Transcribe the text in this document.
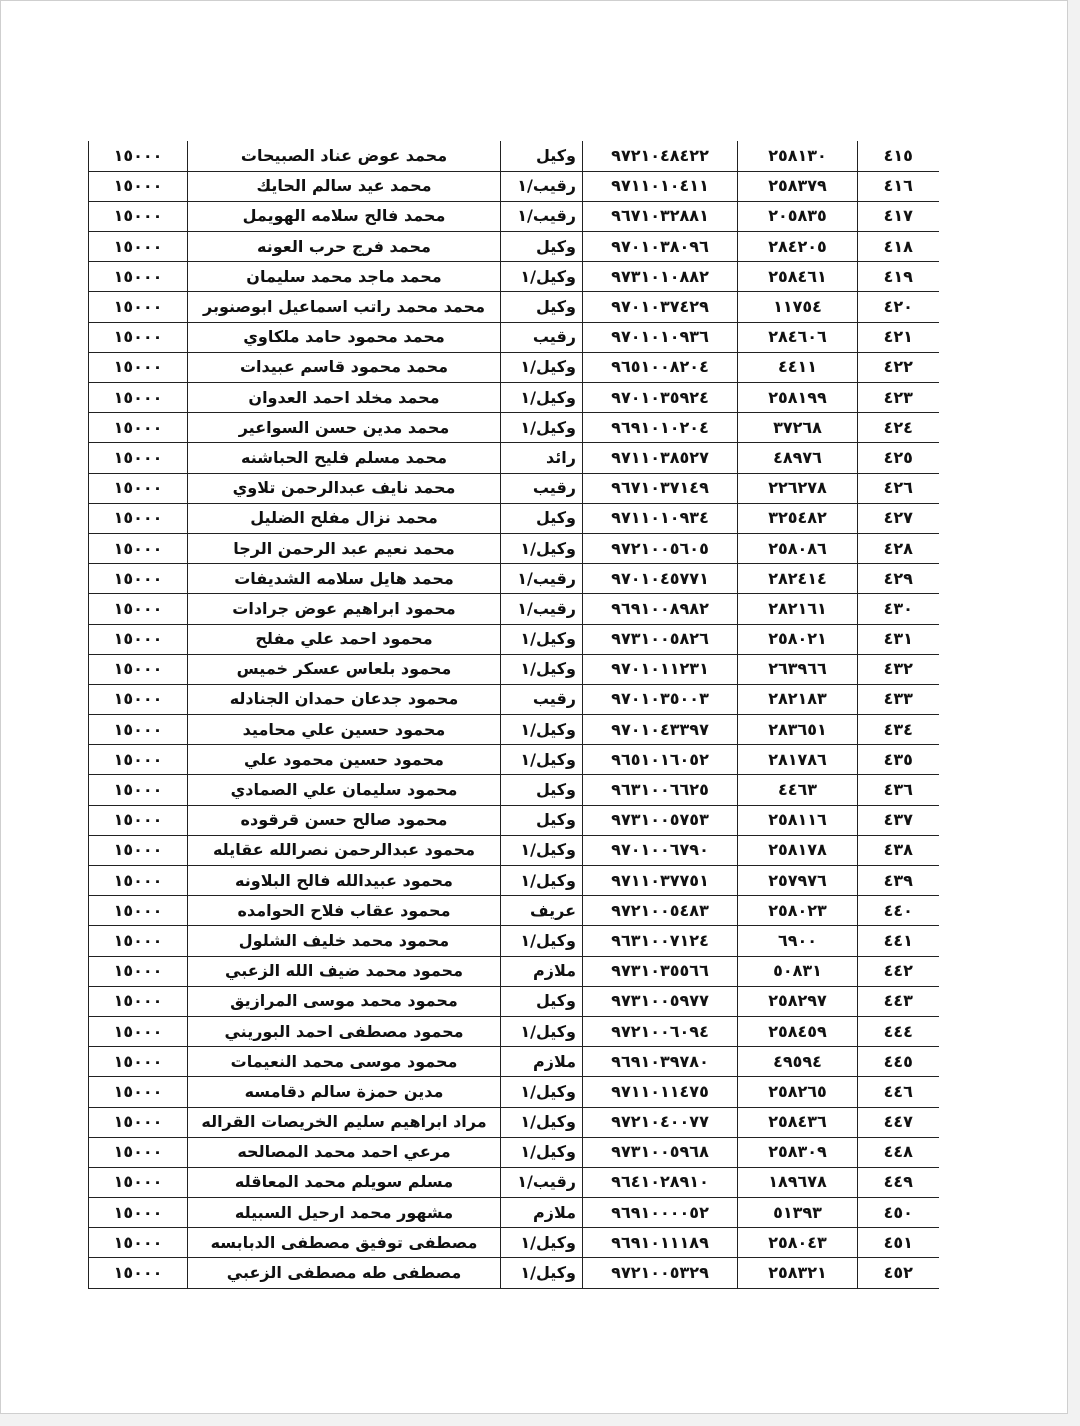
٤١٥	٢٥٨١٣٠	٩٧٢١٠٤٨٤٢٢	وكيل	محمد عوض عناد الصبيحات	١٥٠٠٠
٤١٦	٢٥٨٣٧٩	٩٧١١٠١٠٤١١	رقيب/١	محمد عيد سالم الحايك	١٥٠٠٠
٤١٧	٢٠٥٨٣٥	٩٦٧١٠٣٢٨٨١	رقيب/١	محمد فالح سلامه الهويمل	١٥٠٠٠
٤١٨	٢٨٤٢٠٥	٩٧٠١٠٣٨٠٩٦	وكيل	محمد فرج حرب العونه	١٥٠٠٠
٤١٩	٢٥٨٤٦١	٩٧٣١٠١٠٨٨٢	وكيل/١	محمد ماجد محمد سليمان	١٥٠٠٠
٤٢٠	١١٧٥٤	٩٧٠١٠٣٧٤٢٩	وكيل	محمد محمد راتب اسماعيل ابوصنوبر	١٥٠٠٠
٤٢١	٢٨٤٦٠٦	٩٧٠١٠١٠٩٣٦	رقيب	محمد محمود حامد ملكاوي	١٥٠٠٠
٤٢٢	٤٤١١	٩٦٥١٠٠٨٢٠٤	وكيل/١	محمد محمود قاسم عبيدات	١٥٠٠٠
٤٢٣	٢٥٨١٩٩	٩٧٠١٠٣٥٩٢٤	وكيل/١	محمد مخلد احمد العدوان	١٥٠٠٠
٤٢٤	٣٧٢٦٨	٩٦٩١٠١٠٢٠٤	وكيل/١	محمد مدين حسن السواعير	١٥٠٠٠
٤٢٥	٤٨٩٧٦	٩٧١١٠٣٨٥٢٧	رائد	محمد مسلم فليح الحباشنه	١٥٠٠٠
٤٢٦	٢٢٦٢٧٨	٩٦٧١٠٣٧١٤٩	رقيب	محمد نايف عبدالرحمن تلاوي	١٥٠٠٠
٤٢٧	٣٢٥٤٨٢	٩٧١١٠١٠٩٣٤	وكيل	محمد نزال مفلح الضليل	١٥٠٠٠
٤٢٨	٢٥٨٠٨٦	٩٧٢١٠٠٥٦٠٥	وكيل/١	محمد نعيم عبد الرحمن الرجا	١٥٠٠٠
٤٢٩	٢٨٢٤١٤	٩٧٠١٠٤٥٧٧١	رقيب/١	محمد هايل سلامه الشديفات	١٥٠٠٠
٤٣٠	٢٨٢١٦١	٩٦٩١٠٠٨٩٨٢	رقيب/١	محمود ابراهيم عوض جرادات	١٥٠٠٠
٤٣١	٢٥٨٠٢١	٩٧٣١٠٠٥٨٢٦	وكيل/١	محمود احمد علي مفلح	١٥٠٠٠
٤٣٢	٢٦٣٩٦٦	٩٧٠١٠١١٢٣١	وكيل/١	محمود بلعاس عسكر خميس	١٥٠٠٠
٤٣٣	٢٨٢١٨٣	٩٧٠١٠٣٥٠٠٣	رقيب	محمود جدعان حمدان الجنادله	١٥٠٠٠
٤٣٤	٢٨٣٦٥١	٩٧٠١٠٤٣٣٩٧	وكيل/١	محمود حسين علي محاميد	١٥٠٠٠
٤٣٥	٢٨١٧٨٦	٩٦٥١٠١٦٠٥٢	وكيل/١	محمود حسين محمود علي	١٥٠٠٠
٤٣٦	٤٤٦٣	٩٦٣١٠٠٦٦٢٥	وكيل	محمود سليمان علي الصمادي	١٥٠٠٠
٤٣٧	٢٥٨١١٦	٩٧٣١٠٠٥٧٥٣	وكيل	محمود صالح حسن قرقوده	١٥٠٠٠
٤٣٨	٢٥٨١٧٨	٩٧٠١٠٠٦٧٩٠	وكيل/١	محمود عبدالرحمن نصرالله عقايله	١٥٠٠٠
٤٣٩	٢٥٧٩٧٦	٩٧١١٠٣٧٧٥١	وكيل/١	محمود عبيدالله فالح البلاونه	١٥٠٠٠
٤٤٠	٢٥٨٠٢٣	٩٧٢١٠٠٥٤٨٣	عريف	محمود عقاب فلاح الحوامده	١٥٠٠٠
٤٤١	٦٩٠٠	٩٦٣١٠٠٧١٢٤	وكيل/١	محمود محمد خليف الشلول	١٥٠٠٠
٤٤٢	٥٠٨٣١	٩٧٣١٠٣٥٥٦٦	ملازم	محمود محمد ضيف الله الزعبي	١٥٠٠٠
٤٤٣	٢٥٨٢٩٧	٩٧٣١٠٠٥٩٧٧	وكيل	محمود محمد موسى المرازيق	١٥٠٠٠
٤٤٤	٢٥٨٤٥٩	٩٧٢١٠٠٦٠٩٤	وكيل/١	محمود مصطفى احمد البوريني	١٥٠٠٠
٤٤٥	٤٩٥٩٤	٩٦٩١٠٣٩٧٨٠	ملازم	محمود موسى محمد النعيمات	١٥٠٠٠
٤٤٦	٢٥٨٢٦٥	٩٧١١٠١١٤٧٥	وكيل/١	مدين حمزة سالم دقامسه	١٥٠٠٠
٤٤٧	٢٥٨٤٣٦	٩٧٢١٠٤٠٠٧٧	وكيل/١	مراد ابراهيم سليم الخريصات القراله	١٥٠٠٠
٤٤٨	٢٥٨٣٠٩	٩٧٣١٠٠٥٩٦٨	وكيل/١	مرعي احمد محمد المصالحه	١٥٠٠٠
٤٤٩	١٨٩٦٧٨	٩٦٤١٠٢٨٩١٠	رقيب/١	مسلم سويلم محمد المعاقله	١٥٠٠٠
٤٥٠	٥١٣٩٣	٩٦٩١٠٠٠٠٥٢	ملازم	مشهور محمد ارحيل السبيله	١٥٠٠٠
٤٥١	٢٥٨٠٤٣	٩٦٩١٠١١١٨٩	وكيل/١	مصطفى توفيق مصطفى الدبابسه	١٥٠٠٠
٤٥٢	٢٥٨٣٢١	٩٧٢١٠٠٥٣٢٩	وكيل/١	مصطفى طه مصطفى الزعبي	١٥٠٠٠
